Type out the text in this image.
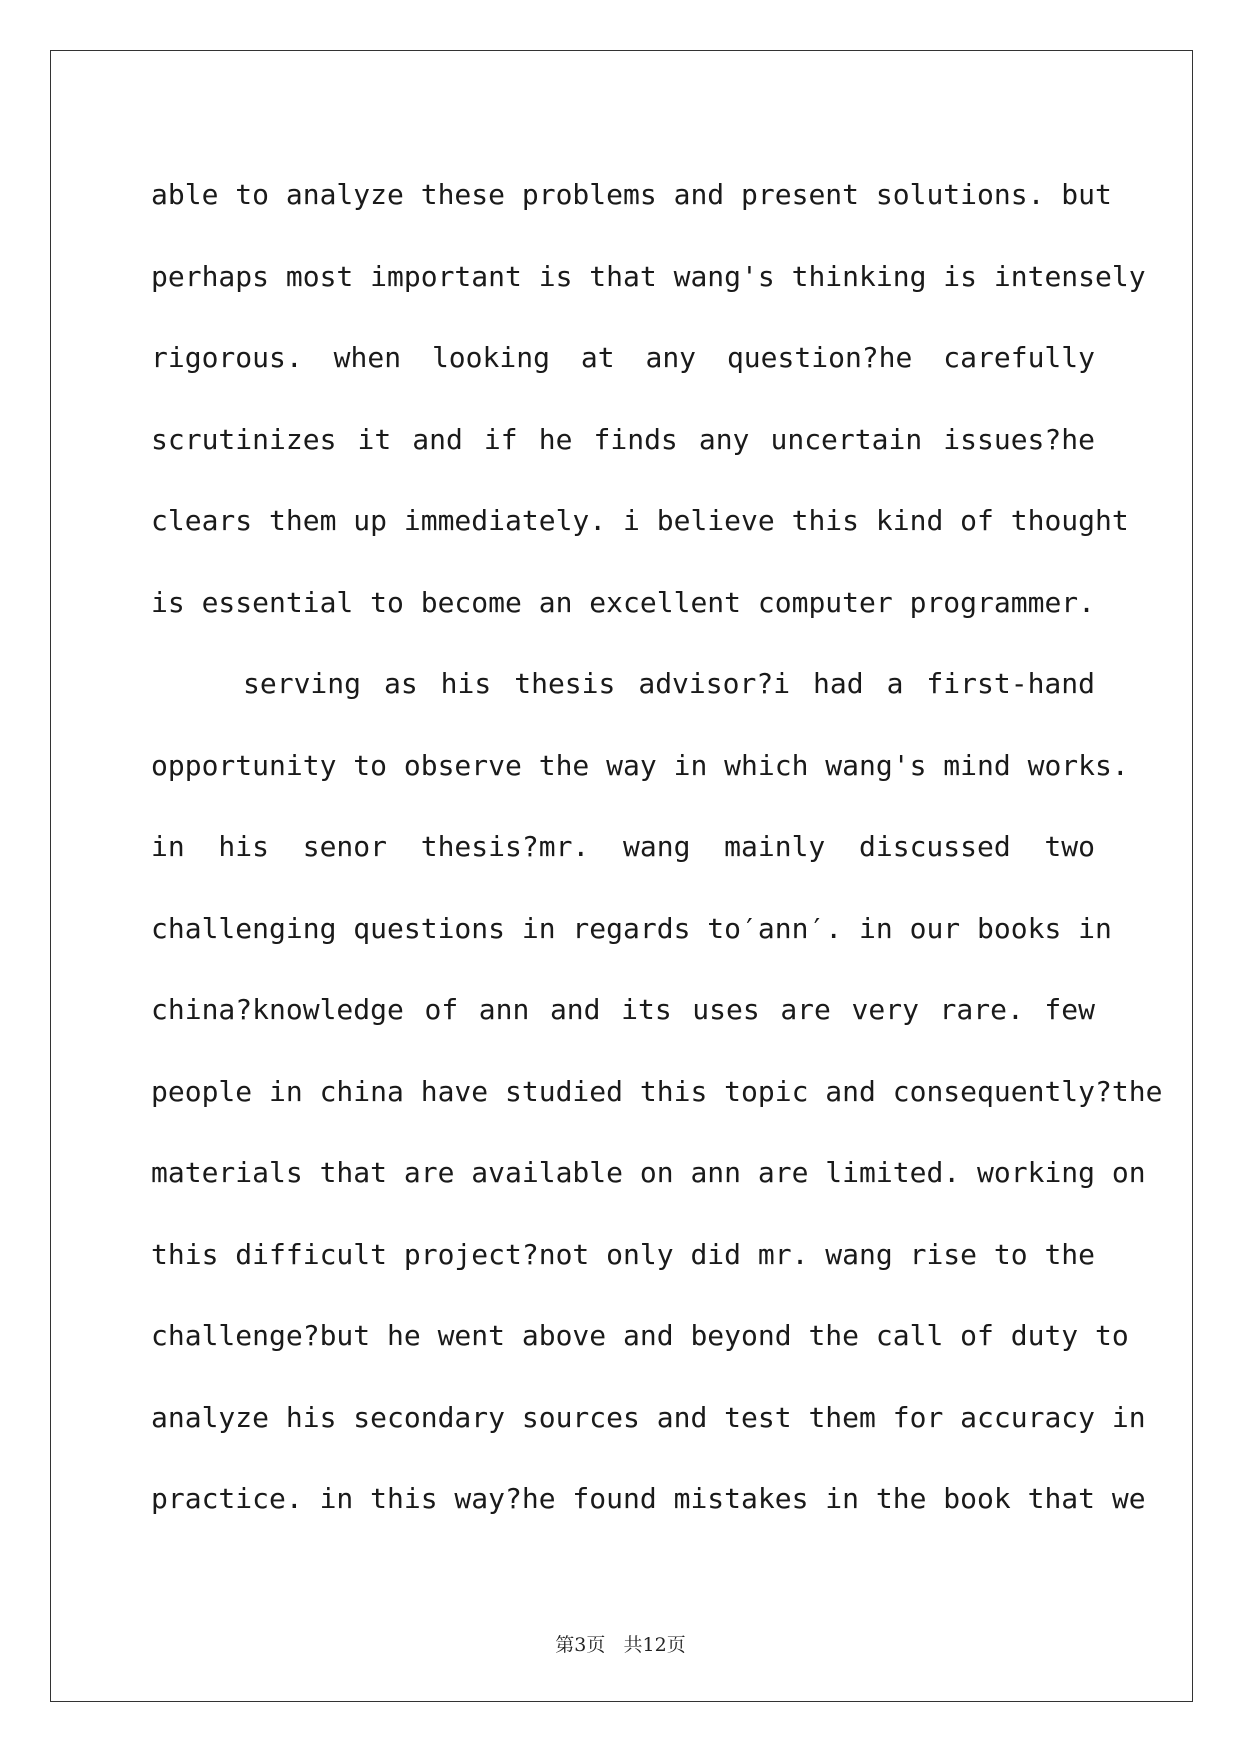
able to analyze these problems and present solutions. but
perhaps most important is that wang's thinking is intensely
rigorous. when looking at any question?he carefully
scrutinizes it and if he finds any uncertain issues?he
clears them up immediately. i believe this kind of thought
is essential to become an excellent computer programmer.
serving as his thesis advisor?i had a first-hand
opportunity to observe the way in which wang's mind works.
in his senor thesis?mr. wang mainly discussed two
challenging questions in regards to′ann′. in our books in
china?knowledge of ann and its uses are very rare. few
people in china have studied this topic and consequently?the
materials that are available on ann are limited. working on
this difficult project?not only did mr. wang rise to the
challenge?but he went above and beyond the call of duty to
analyze his secondary sources and test them for accuracy in
practice. in this way?he found mistakes in the book that we
第3页 共12页
